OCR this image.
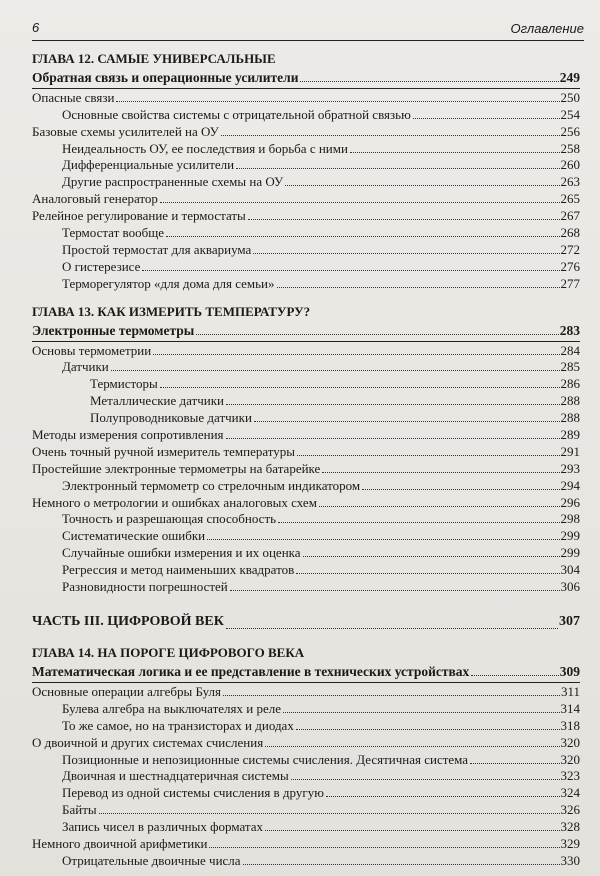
6	Оглавление
ГЛАВА 12. САМЫЕ УНИВЕРСАЛЬНЫЕ
Обратная связь и операционные усилители	249
Опасные связи	250
Основные свойства системы с отрицательной обратной связью	254
Базовые схемы усилителей на ОУ	256
Неидеальность ОУ, ее последствия и борьба с ними	258
Дифференциальные усилители	260
Другие распространенные схемы на ОУ	263
Аналоговый генератор	265
Релейное регулирование и термостаты	267
Термостат вообще	268
Простой термостат для аквариума	272
О гистерезисе	276
Терморегулятор «для дома для семьи»	277
ГЛАВА 13. КАК ИЗМЕРИТЬ ТЕМПЕРАТУРУ?
Электронные термометры	283
Основы термометрии	284
Датчики	285
Термисторы	286
Металлические датчики	288
Полупроводниковые датчики	288
Методы измерения сопротивления	289
Очень точный ручной измеритель температуры	291
Простейшие электронные термометры на батарейке	293
Электронный термометр со стрелочным индикатором	294
Немного о метрологии и ошибках аналоговых схем	296
Точность и разрешающая способность	298
Систематические ошибки	299
Случайные ошибки измерения и их оценка	299
Регрессия и метод наименьших квадратов	304
Разновидности погрешностей	306
ЧАСТЬ III. ЦИФРОВОЙ ВЕК	307
ГЛАВА 14. НА ПОРОГЕ ЦИФРОВОГО ВЕКА
Математическая логика и ее представление в технических устройствах	309
Основные операции алгебры Буля	311
Булева алгебра на выключателях и реле	314
То же самое, но на транзисторах и диодах	318
О двоичной и других системах счисления	320
Позиционные и непозиционные системы счисления. Десятичная система	320
Двоичная и шестнадцатеричная системы	323
Перевод из одной системы счисления в другую	324
Байты	326
Запись чисел в различных форматах	328
Немного двоичной арифметики	329
Отрицательные двоичные числа	330
